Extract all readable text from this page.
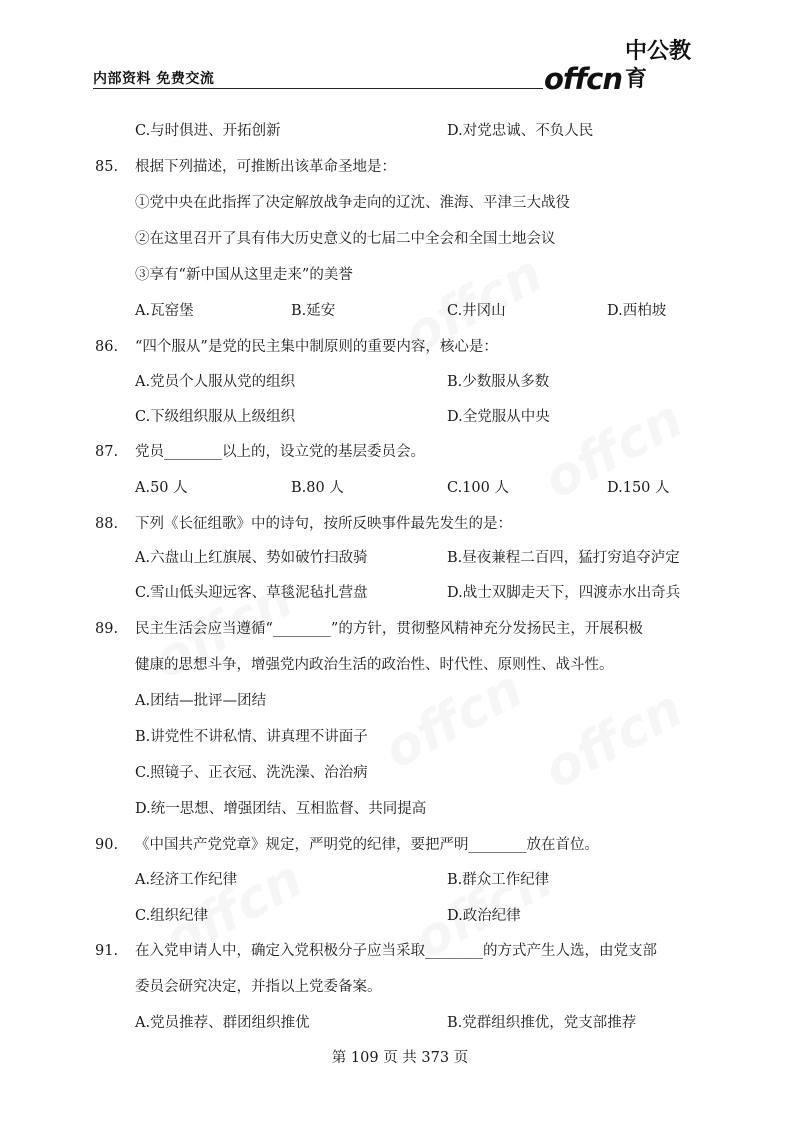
内部资料 免费交流	offcn
中公教育
C.与时俱进、开拓创新	D.对党忠诚、不负人民
85. 根据下列描述，可推断出该革命圣地是：
①党中央在此指挥了决定解放战争走向的辽沈、淮海、平津三大战役
②在这里召开了具有伟大历史意义的七届二中全会和全国土地会议
③享有“新中国从这里走来”的美誉
A.瓦窑堡	B.延安	C.井冈山	D.西柏坡
86. “四个服从”是党的民主集中制原则的重要内容，核心是：
A.党员个人服从党的组织	B.少数服从多数
C.下级组织服从上级组织	D.全党服从中央
87. 党员________以上的，设立党的基层委员会。
A.50 人	B.80 人	C.100 人	D.150 人
88. 下列《长征组歌》中的诗句，按所反映事件最先发生的是：
A.六盘山上红旗展、势如破竹扫敌骑	B.昼夜兼程二百四，猛打穷追夺泸定
C.雪山低头迎远客、草毯泥毡扎营盘	D.战士双脚走天下，四渡赤水出奇兵
89. 民主生活会应当遵循“________”的方针，贯彻整风精神充分发扬民主，开展积极
健康的思想斗争，增强党内政治生活的政治性、时代性、原则性、战斗性。
A.团结—批评—团结
B.讲党性不讲私情、讲真理不讲面子
C.照镜子、正衣冠、洗洗澡、治治病
D.统一思想、增强团结、互相监督、共同提高
90. 《中国共产党党章》规定，严明党的纪律，要把严明________放在首位。
A.经济工作纪律	B.群众工作纪律
C.组织纪律	D.政治纪律
91. 在入党申请人中，确定入党积极分子应当采取________的方式产生人选，由党支部
委员会研究决定，并指以上党委备案。
A.党员推荐、群团组织推优	B.党群组织推优，党支部推荐
第 109 页 共 373 页
